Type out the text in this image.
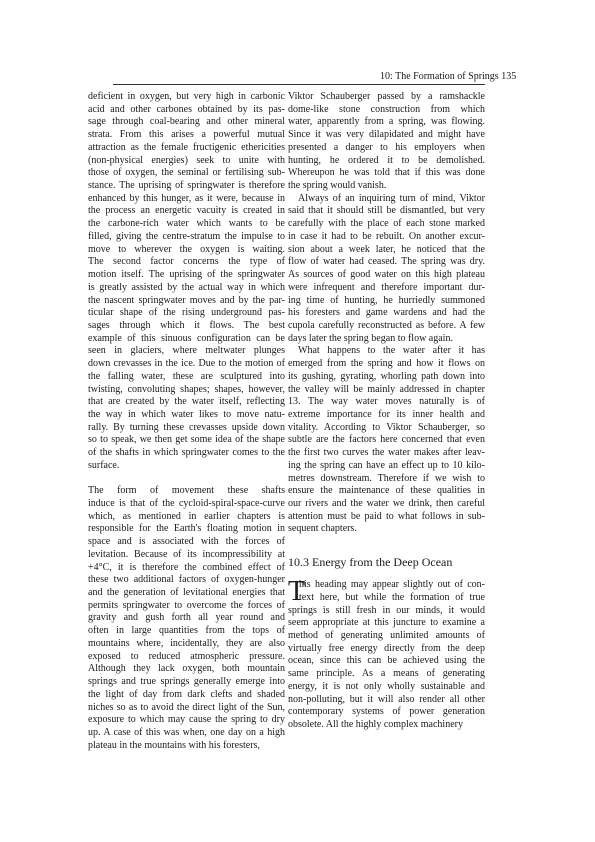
10: The Formation of Springs 135
deficient in oxygen, but very high in carbonic
acid and other carbones obtained by its pas-
sage through coal-bearing and other mineral
strata. From this arises a powerful mutual
attraction as the female fructigenic ethericities
(non-physical energies) seek to unite with
those of oxygen, the seminal or fertilising sub-
stance. The uprising of springwater is therefore
enhanced by this hunger, as it were, because in
the process an energetic vacuity is created in
the carbone-rich water which wants to be
filled, giving the centre-stratum the impulse to
move to wherever the oxygen is waiting.
The second factor concerns the type of
motion itself. The uprising of the springwater
is greatly assisted by the actual way in which
the nascent springwater moves and by the par-
ticular shape of the rising underground pas-
sages through which it flows. The best
example of this sinuous configuration can be
seen in glaciers, where meltwater plunges
down crevasses in the ice. Due to the motion of
the falling water, these are sculptured into
twisting, convoluting shapes; shapes, however,
that are created by the water itself, reflecting
the way in which water likes to move natu-
rally. By turning these crevasses upside down
so to speak, we then get some idea of the shape
of the shafts in which springwater comes to the
surface.
The form of movement these shafts
induce is that of the cycloid-spiral-space-curve
which, as mentioned in earlier chapters is
responsible for the Earth's floating motion in
space and is associated with the forces of
levitation. Because of its incompressibility at
+4°C, it is therefore the combined effect of
these two additional factors of oxygen-hunger
and the generation of levitational energies that
permits springwater to overcome the forces of
gravity and gush forth all year round and
often in large quantities from the tops of
mountains where, incidentally, they are also
exposed to reduced atmospheric pressure.
Although they lack oxygen, both mountain
springs and true springs generally emerge into
the light of day from dark clefts and shaded
niches so as to avoid the direct light of the Sun,
exposure to which may cause the spring to dry
up. A case of this was when, one day on a high
plateau in the mountains with his foresters,
Viktor Schauberger passed by a ramshackle
dome-like stone construction from which
water, apparently from a spring, was flowing.
Since it was very dilapidated and might have
presented a danger to his employers when
hunting, he ordered it to be demolished.
Whereupon he was told that if this was done
the spring would vanish.
Always of an inquiring turn of mind, Viktor
said that it should still be dismantled, but very
carefully with the place of each stone marked
in case it had to be rebuilt. On another excur-
sion about a week later, he noticed that the
flow of water had ceased. The spring was dry.
As sources of good water on this high plateau
were infrequent and therefore important dur-
ing time of hunting, he hurriedly summoned
his foresters and game wardens and had the
cupola carefully reconstructed as before. A few
days later the spring began to flow again.
What happens to the water after it has
emerged from the spring and how it flows on
its gushing, gyrating, whorling path down into
the valley will be mainly addressed in chapter
13. The way water moves naturally is of
extreme importance for its inner health and
vitality. According to Viktor Schauberger, so
subtle are the factors here concerned that even
the first two curves the water makes after leav-
ing the spring can have an effect up to 10 kilo-
metres downstream. Therefore if we wish to
ensure the maintenance of these qualities in
our rivers and the water we drink, then careful
attention must be paid to what follows in sub-
sequent chapters.
10.3 Energy from the Deep Ocean
T
his heading may appear slightly out of con-
text here, but while the formation of true
springs is still fresh in our minds, it would
seem appropriate at this juncture to examine a
method of generating unlimited amounts of
virtually free energy directly from the deep
ocean, since this can be achieved using the
same principle. As a means of generating
energy, it is not only wholly sustainable and
non-polluting, but it will also render all other
contemporary systems of power generation
obsolete. All the highly complex machinery
